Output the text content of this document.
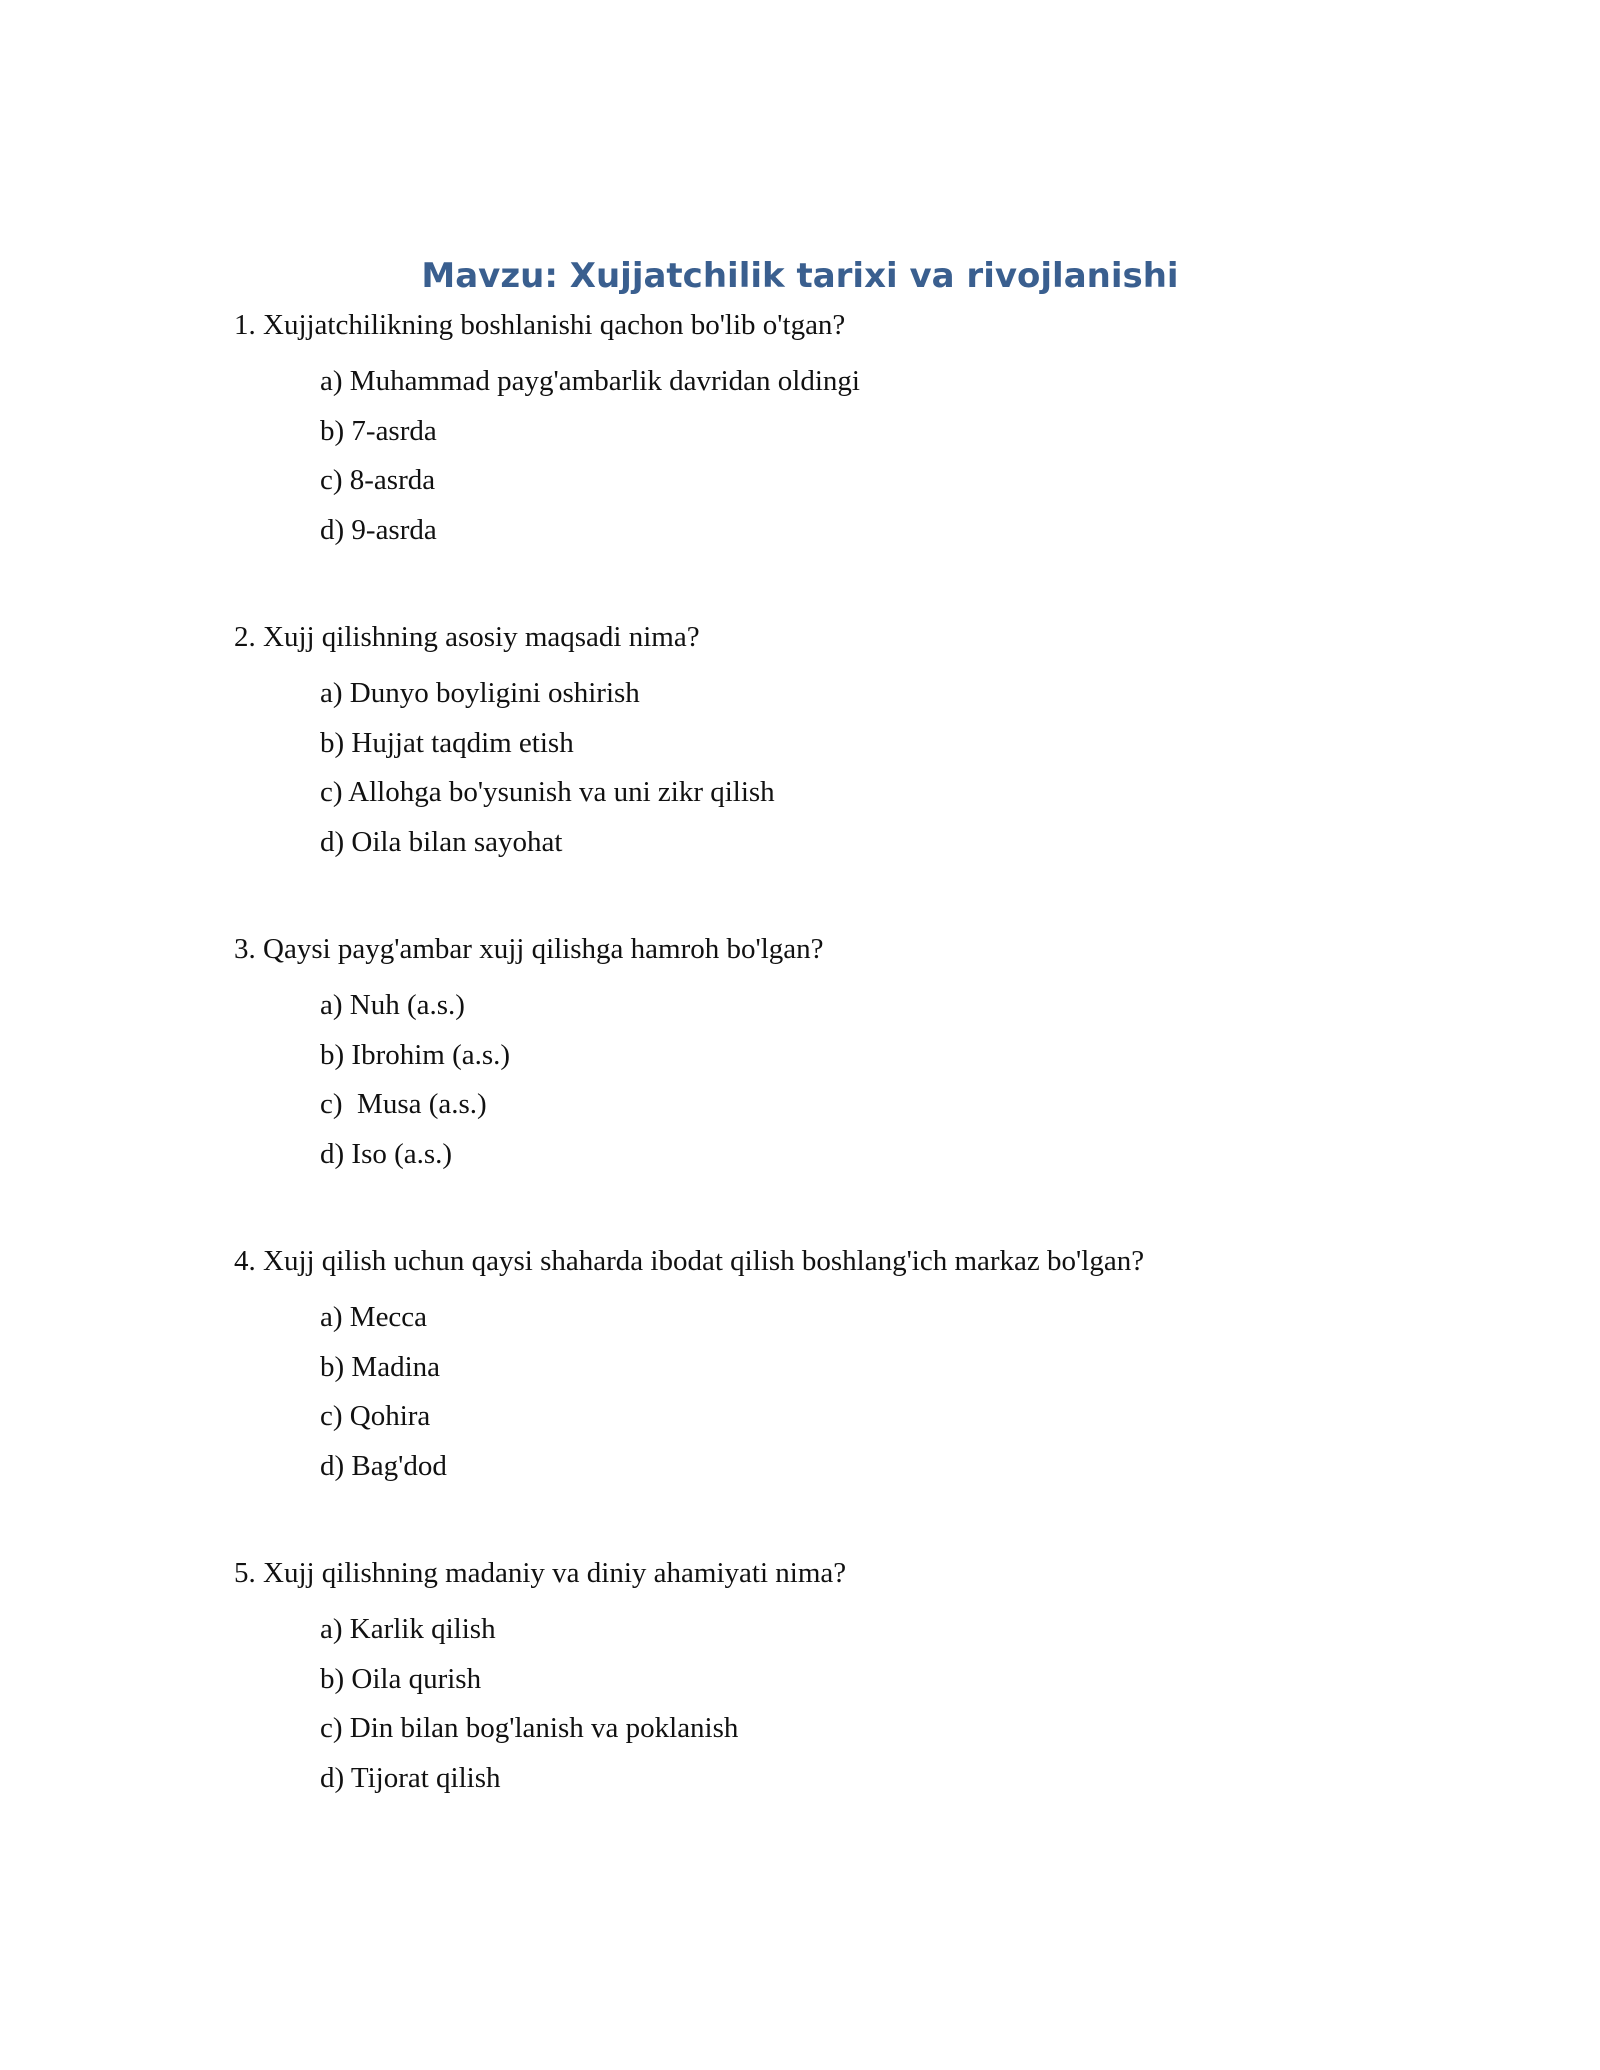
Mavzu: Xujjatchilik tarixi va rivojlanishi

1. Xujjatchilikning boshlanishi qachon bo'lib o'tgan?

a) Muhammad payg'ambarlik davridan oldingi
b) 7-asrda
c) 8-asrda
d) 9-asrda

2. Xujj qilishning asosiy maqsadi nima?

a) Dunyo boyligini oshirish
b) Hujjat taqdim etish
c) Allohga bo'ysunish va uni zikr qilish
d) Oila bilan sayohat

3. Qaysi payg'ambar xujj qilishga hamroh bo'lgan?

a) Nuh (a.s.)
b) Ibrohim (a.s.)
c)  Musa (a.s.)
d) Iso (a.s.)

4. Xujj qilish uchun qaysi shaharda ibodat qilish boshlang'ich markaz bo'lgan?

a) Mecca
b) Madina
c) Qohira
d) Bag'dod

5. Xujj qilishning madaniy va diniy ahamiyati nima?

a) Karlik qilish
b) Oila qurish
c) Din bilan bog'lanish va poklanish
d) Tijorat qilish
